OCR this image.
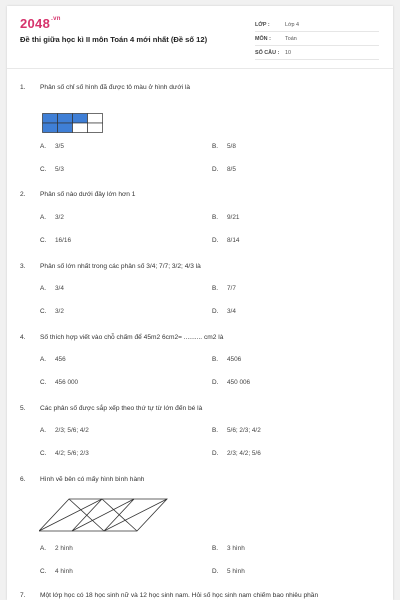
$2048^{.vn}$
Đề thi giữa học kì II môn Toán 4 mới nhất (Đề số 12)
LỚP :	Lớp 4
MÔN :	Toán
SỐ CÂU :	10
1. Phân số chỉ số hình đã được tô màu ở hình dưới là
A. 3/5	B. 5/8
C. 5/3	D. 8/5
2. Phân số nào dưới đây lớn hơn 1
A. 3/2	B. 9/21
C. 16/16	D. 8/14
3. Phân số lớn nhất trong các phân số 3/4; 7/7; 3/2; 4/3 là
A. 3/4	B. 7/7
C. 3/2	D. 3/4
4. Số thích hợp viết vào chỗ chấm để 45m2 6cm2= .......... cm2 là
A. 456	B. 4506
C. 456 000	D. 450 006
5. Các phân số được sắp xếp theo thứ tự từ lớn đến bé là
A. 2/3; 5/6; 4/2	B. 5/6; 2/3; 4/2
C. 4/2; 5/6; 2/3	D. 2/3; 4/2; 5/6
6. Hình vẽ bên có mấy hình bình hành
A. 2 hình	B. 3 hình
C. 4 hình	D. 5 hình
7. Một lớp học có 18 học sinh nữ và 12 học sinh nam. Hỏi số học sinh nam chiếm bao nhiêu phần
